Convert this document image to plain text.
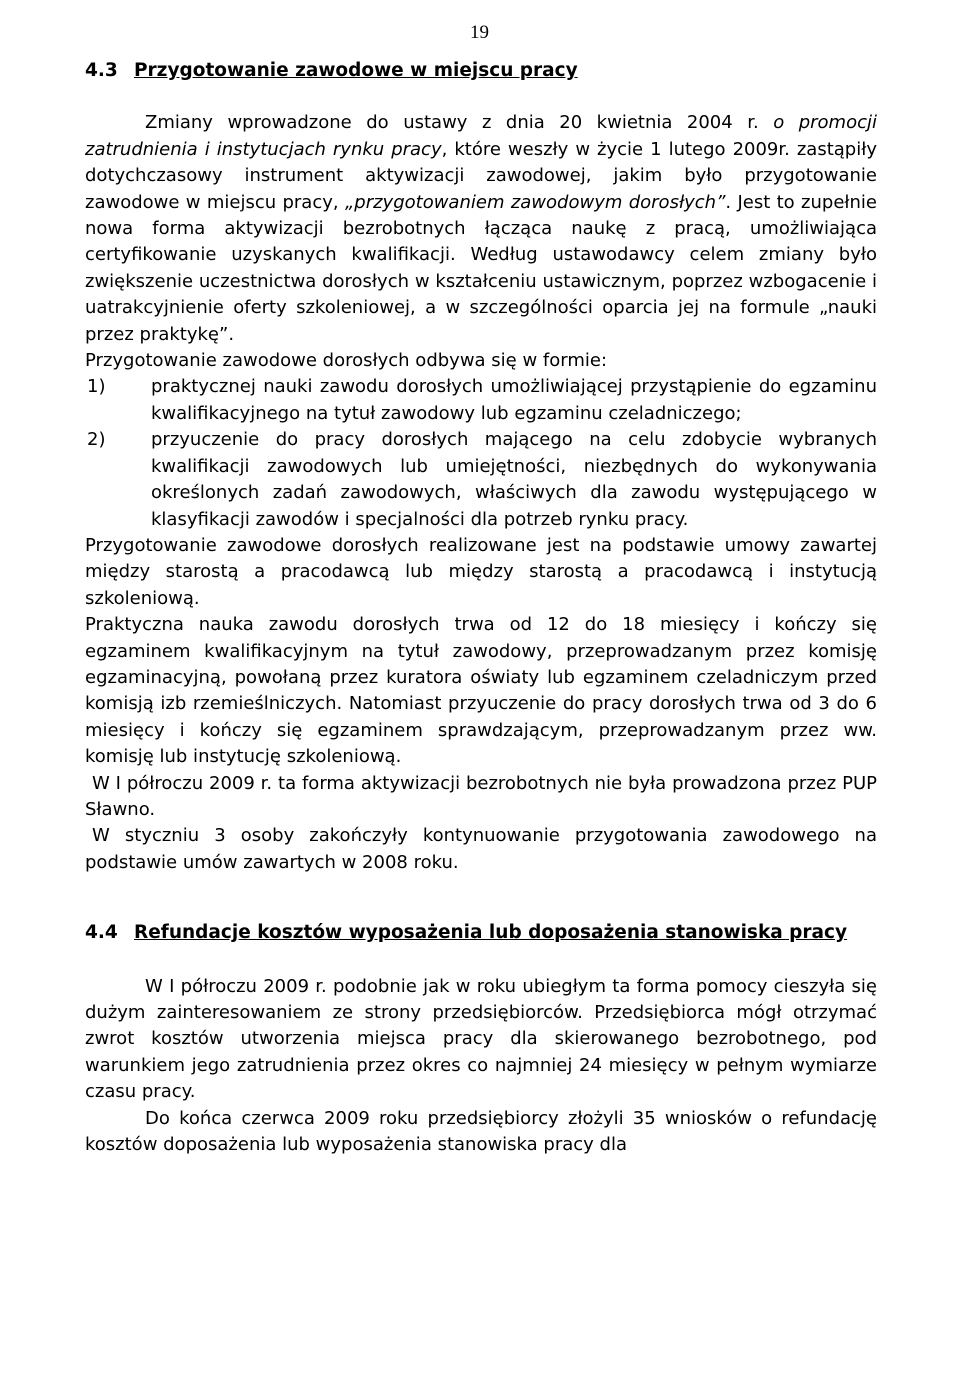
19
4.3 Przygotowanie zawodowe w miejscu pracy

Zmiany wprowadzone do ustawy z dnia 20 kwietnia 2004 r. o promocji zatrudnienia i instytucjach rynku pracy, które weszły w życie 1 lutego 2009r. zastąpiły dotychczasowy instrument aktywizacji zawodowej, jakim było przygotowanie zawodowe w miejscu pracy, „przygotowaniem zawodowym dorosłych”. Jest to zupełnie nowa forma aktywizacji bezrobotnych łącząca naukę z pracą, umożliwiająca certyfikowanie uzyskanych kwalifikacji. Według ustawodawcy celem zmiany było zwiększenie uczestnictwa dorosłych w kształceniu ustawicznym, poprzez wzbogacenie i uatrakcyjnienie oferty szkoleniowej, a w szczególności oparcia jej na formule „nauki przez praktykę”.

Przygotowanie zawodowe dorosłych odbywa się w formie:

1)	praktycznej nauki zawodu dorosłych umożliwiającej przystąpienie do egzaminu kwalifikacyjnego na tytuł zawodowy lub egzaminu czeladniczego;
2)	przyuczenie do pracy dorosłych mającego na celu zdobycie wybranych kwalifikacji zawodowych lub umiejętności, niezbędnych do wykonywania określonych zadań zawodowych, właściwych dla zawodu występującego w klasyfikacji zawodów i specjalności dla potrzeb rynku pracy.

Przygotowanie zawodowe dorosłych realizowane jest na podstawie umowy zawartej między starostą a pracodawcą lub między starostą a pracodawcą i instytucją szkoleniową.

Praktyczna nauka zawodu dorosłych trwa od 12 do 18 miesięcy i kończy się egzaminem kwalifikacyjnym na tytuł zawodowy, przeprowadzanym przez komisję egzaminacyjną, powołaną przez kuratora oświaty lub egzaminem czeladniczym przed komisją izb rzemieślniczych. Natomiast przyuczenie do pracy dorosłych trwa od 3 do 6 miesięcy i kończy się egzaminem sprawdzającym, przeprowadzanym przez ww. komisję lub instytucję szkoleniową.

W I półroczu 2009 r. ta forma aktywizacji bezrobotnych nie była prowadzona przez PUP Sławno.

W styczniu 3 osoby zakończyły kontynuowanie przygotowania zawodowego na podstawie umów zawartych w 2008 roku.

4.4 Refundacje kosztów wyposażenia lub doposażenia stanowiska pracy

W I półroczu 2009 r. podobnie jak w roku ubiegłym ta forma pomocy cieszyła się dużym zainteresowaniem ze strony przedsiębiorców. Przedsiębiorca mógł otrzymać zwrot kosztów utworzenia miejsca pracy dla skierowanego bezrobotnego, pod warunkiem jego zatrudnienia przez okres co najmniej 24 miesięcy w pełnym wymiarze czasu pracy.

Do końca czerwca 2009 roku przedsiębiorcy złożyli 35 wniosków o refundację kosztów doposażenia lub wyposażenia stanowiska pracy dla
